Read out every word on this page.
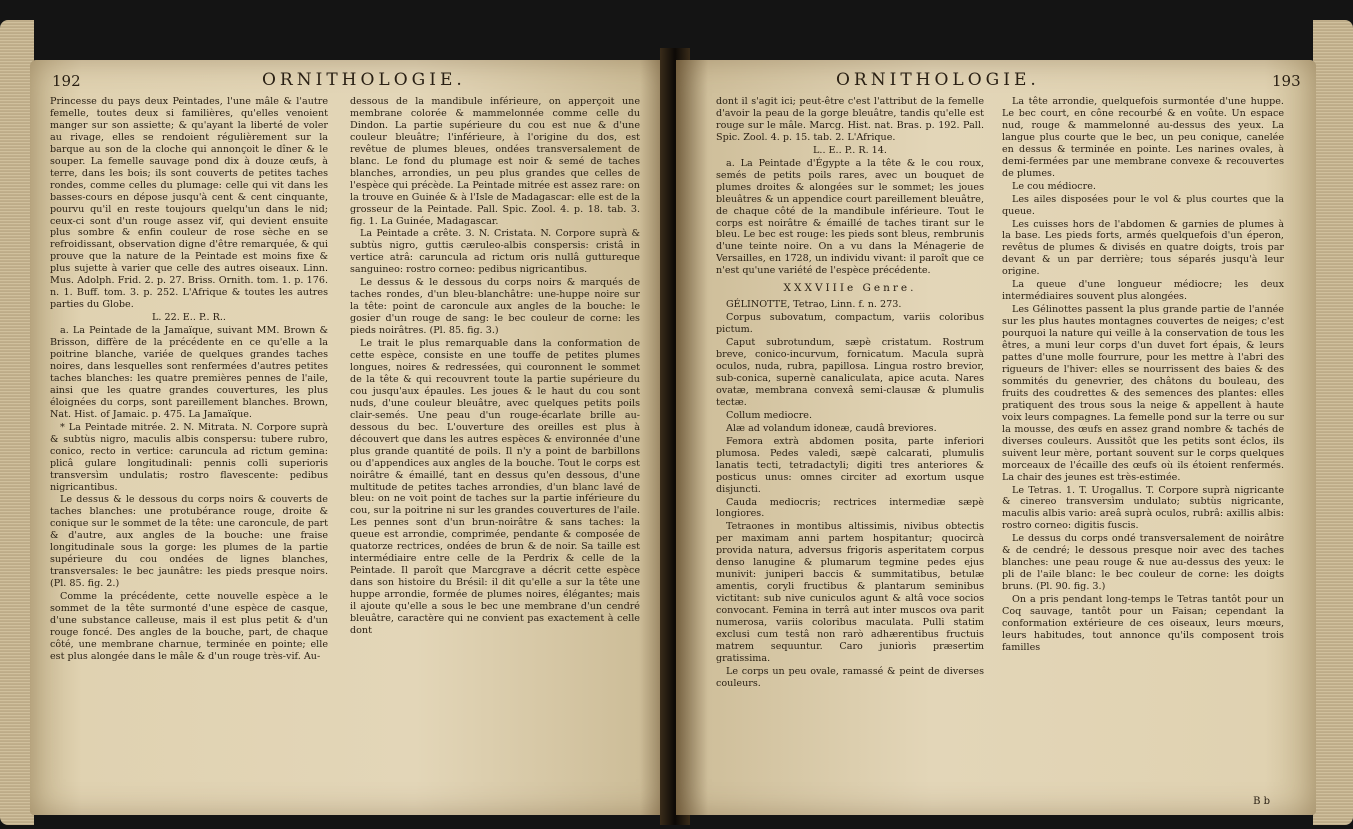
192	ORNITHOLOGIE.

Princesse du pays deux Peintades, l'une mâle & l'autre femelle, toutes deux si familières, qu'elles venoient manger sur son assiette; & qu'ayant la liberté de voler au rivage, elles se rendoient régulièrement sur la barque au son de la cloche qui annonçoit le dîner & le souper. La femelle sauvage pond dix à douze œufs, à terre, dans les bois; ils sont couverts de petites taches rondes, comme celles du plumage: celle qui vit dans les basses-cours en dépose jusqu'à cent & cent cinquante, pourvu qu'il en reste toujours quelqu'un dans le nid; ceux-ci sont d'un rouge assez vif, qui devient ensuite plus sombre & enfin couleur de rose sèche en se refroidissant, observation digne d'être remarquée, & qui prouve que la nature de la Peintade est moins fixe & plus sujette à varier que celle des autres oiseaux. Linn. Mus. Adolph. Frid. 2. p. 27. Briss. Ornith. tom. 1. p. 176. n. 1. Buff. tom. 3. p. 252. L'Afrique & toutes les autres parties du Globe.

L. 22. E.. P.. R..

a. La Peintade de la Jamaïque, suivant MM. Brown & Brisson, diffère de la précédente en ce qu'elle a la poitrine blanche, variée de quelques grandes taches noires, dans lesquelles sont renfermées d'autres petites taches blanches: les quatre premières pennes de l'aile, ainsi que les quatre grandes couvertures, les plus éloignées du corps, sont pareillement blanches. Brown, Nat. Hist. of Jamaic. p. 475. La Jamaïque.

* La Peintade mitrée. 2. N. Mitrata. N. Corpore suprà & subtùs nigro, maculis albis conspersu: tubere rubro, conico, recto in vertice: caruncula ad rictum gemina: plicâ gulare longitudinali: pennis colli superioris transversìm undulatis; rostro flavescente: pedibus nigricantibus.

Le dessus & le dessous du corps noirs & couverts de taches blanches: une protubérance rouge, droite & conique sur le sommet de la tête: une caroncule, de part & d'autre, aux angles de la bouche: une fraise longitudinale sous la gorge: les plumes de la partie supérieure du cou ondées de lignes blanches, transversales: le bec jaunâtre: les pieds presque noirs. (Pl. 85. fig. 2.)

Comme la précédente, cette nouvelle espèce a le sommet de la tête surmonté d'une espèce de casque, d'une substance calleuse, mais il est plus petit & d'un rouge foncé. Des angles de la bouche, part, de chaque côté, une membrane charnue, terminée en pointe; elle est plus alongée dans le mâle & d'un rouge très-vif. Au-

dessous de la mandibule inférieure, on apperçoit une membrane colorée & mammelonnée comme celle du Dindon. La partie supérieure du cou est nue & d'une couleur bleuâtre; l'inférieure, à l'origine du dos, est revêtue de plumes bleues, ondées transversalement de blanc. Le fond du plumage est noir & semé de taches blanches, arrondies, un peu plus grandes que celles de l'espèce qui précède. La Peintade mitrée est assez rare: on la trouve en Guinée & à l'Isle de Madagascar: elle est de la grosseur de la Peintade. Pall. Spic. Zool. 4. p. 18. tab. 3. fig. 1. La Guinée, Madagascar.

La Peintade a crête. 3. N. Cristata. N. Corpore suprà & subtùs nigro, guttis cæruleo-albis conspersis: cristâ in vertice atrâ: caruncula ad rictum oris nullâ guttureque sanguineo: rostro corneo: pedibus nigricantibus.

Le dessus & le dessous du corps noirs & marqués de taches rondes, d'un bleu-blanchâtre: une-huppe noire sur la tête: point de caroncule aux angles de la bouche: le gosier d'un rouge de sang: le bec couleur de corne: les pieds noirâtres. (Pl. 85. fig. 3.)

Le trait le plus remarquable dans la conformation de cette espèce, consiste en une touffe de petites plumes longues, noires & redressées, qui couronnent le sommet de la tête & qui recouvrent toute la partie supérieure du cou jusqu'aux épaules. Les joues & le haut du cou sont nuds, d'une couleur bleuâtre, avec quelques petits poils clair-semés. Une peau d'un rouge-écarlate brille au-dessous du bec. L'ouverture des oreilles est plus à découvert que dans les autres espèces & environnée d'une plus grande quantité de poils. Il n'y a point de barbillons ou d'appendices aux angles de la bouche. Tout le corps est noirâtre & émaillé, tant en dessus qu'en dessous, d'une multitude de petites taches arrondies, d'un blanc lavé de bleu: on ne voit point de taches sur la partie inférieure du cou, sur la poitrine ni sur les grandes couvertures de l'aile. Les pennes sont d'un brun-noirâtre & sans taches: la queue est arrondie, comprimée, pendante & composée de quatorze rectrices, ondées de brun & de noir. Sa taille est intermédiaire entre celle de la Perdrix & celle de la Peintade. Il paroît que Marcgrave a décrit cette espèce dans son histoire du Brésil: il dit qu'elle a sur la tête une huppe arrondie, formée de plumes noires, élégantes; mais il ajoute qu'elle a sous le bec une membrane d'un cendré bleuâtre, caractère qui ne convient pas exactement à celle dont

ORNITHOLOGIE.	193

dont il s'agit ici; peut-être c'est l'attribut de la femelle d'avoir la peau de la gorge bleuâtre, tandis qu'elle est rouge sur le mâle. Marcg. Hist. nat. Bras. p. 192. Pall. Spic. Zool. 4. p. 15. tab. 2. L'Afrique.

L.. E.. P.. R. 14.

a. La Peintade d'Égypte a la tête & le cou roux, semés de petits poils rares, avec un bouquet de plumes droites & alongées sur le sommet; les joues bleuâtres & un appendice court pareillement bleuâtre, de chaque côté de la mandibule inférieure. Tout le corps est noirâtre & émaillé de taches tirant sur le bleu. Le bec est rouge: les pieds sont bleus, rembrunis d'une teinte noire. On a vu dans la Ménagerie de Versailles, en 1728, un individu vivant: il paroît que ce n'est qu'une variété de l'espèce précédente.

XXXVIIIe Genre.

GÉLINOTTE, Tetrao, Linn. f. n. 273.

Corpus subovatum, compactum, variis coloribus pictum.

Caput subrotundum, sæpè cristatum. Rostrum breve, conico-incurvum, fornicatum. Macula suprà oculos, nuda, rubra, papillosa. Lingua rostro brevior, sub-conica, supernè canaliculata, apice acuta. Nares ovatæ, membrana convexâ semi-clausæ & plumulis tectæ.

Collum mediocre.

Alæ ad volandum idoneæ, caudâ breviores.

Femora extrà abdomen posita, parte inferiori plumosa. Pedes valedi, sæpè calcarati, plumulis lanatis tecti, tetradactyli; digiti tres anteriores & posticus unus: omnes circiter ad exortum usque disjuncti.

Cauda mediocris; rectrices intermediæ sæpè longiores.

Tetraones in montibus altissimis, nivibus obtectis per maximam anni partem hospitantur; quocircà provida natura, adversus frigoris asperitatem corpus denso lanugine & plumarum tegmine pedes ejus munivit: juniperi baccis & summitatibus, betulæ amentis, coryli fructibus & plantarum seminibus victitant: sub nive cuniculos agunt & altâ voce socios convocant. Femina in terrâ aut inter muscos ova parit numerosa, variis coloribus maculata. Pulli statim exclusi cum testâ non rarò adhærentibus fructuis matrem sequuntur. Caro juniorìs præsertim gratissima.

Le corps un peu ovale, ramassé & peint de diverses couleurs.

La tête arrondie, quelquefois surmontée d'une huppe. Le bec court, en cône recourbé & en voûte. Un espace nud, rouge & mammelonné au-dessus des yeux. La langue plus courte que le bec, un peu conique, canelée en dessus & terminée en pointe. Les narines ovales, à demi-fermées par une membrane convexe & recouvertes de plumes.

Le cou médiocre.

Les ailes disposées pour le vol & plus courtes que la queue.

Les cuisses hors de l'abdomen & garnies de plumes à la base. Les pieds forts, armés quelquefois d'un éperon, revêtus de plumes & divisés en quatre doigts, trois par devant & un par derrière; tous séparés jusqu'à leur origine.

La queue d'une longueur médiocre; les deux intermédiaires souvent plus alongées.

Les Gélinottes passent la plus grande partie de l'année sur les plus hautes montagnes couvertes de neiges; c'est pourquoi la nature qui veille à la conservation de tous les êtres, a muni leur corps d'un duvet fort épais, & leurs pattes d'une molle fourrure, pour les mettre à l'abri des rigueurs de l'hiver: elles se nourrissent des baies & des sommités du genevrier, des châtons du bouleau, des fruits des coudrettes & des semences des plantes: elles pratiquent des trous sous la neige & appellent à haute voix leurs compagnes. La femelle pond sur la terre ou sur la mousse, des œufs en assez grand nombre & tachés de diverses couleurs. Aussitôt que les petits sont éclos, ils suivent leur mère, portant souvent sur le corps quelques morceaux de l'écaille des œufs où ils étoient renfermés. La chair des jeunes est très-estimée.

Le Tetras. 1. T. Urogallus. T. Corpore suprà nigricante & cinereo transversìm undulato; subtùs nigricante, maculis albis vario: areâ suprà oculos, rubrâ: axillis albis: rostro corneo: digitis fuscis.

Le dessus du corps ondé transversalement de noirâtre & de cendré; le dessous presque noir avec des taches blanches: une peau rouge & nue au-dessus des yeux: le pli de l'aile blanc: le bec couleur de corne: les doigts bruns. (Pl. 90. fig. 3.)

On a pris pendant long-temps le Tetras tantôt pour un Coq sauvage, tantôt pour un Faisan; cependant la conformation extérieure de ces oiseaux, leurs mœurs, leurs habitudes, tout annonce qu'ils composent trois familles

B b
